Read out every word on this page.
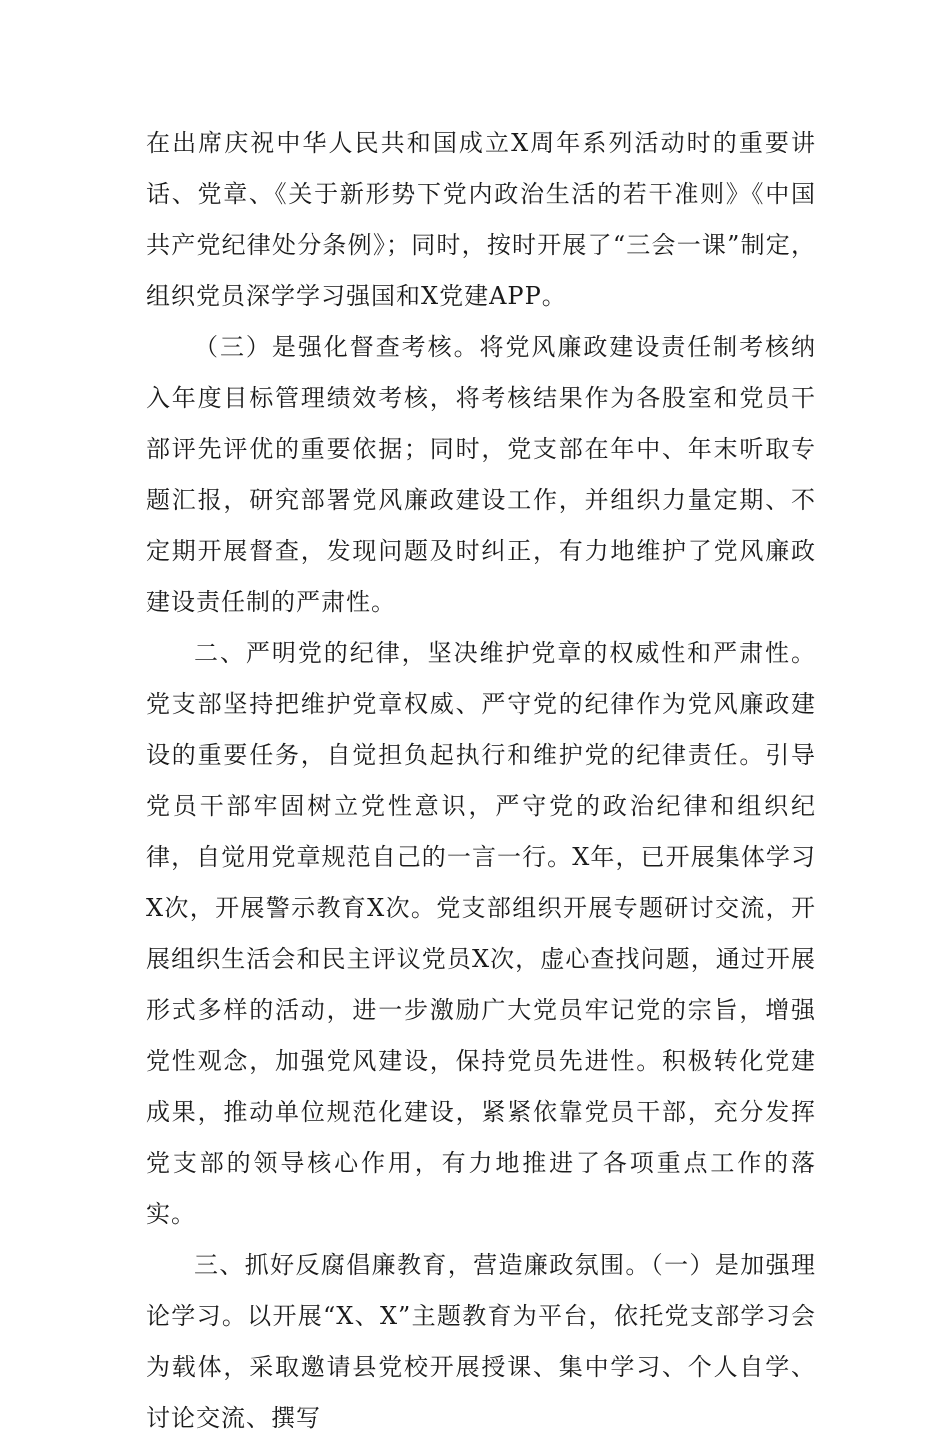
在出席庆祝中华人民共和国成立X周年系列活动时的重要讲话、党章、《关于新形势下党内政治生活的若干准则》《中国共产党纪律处分条例》；同时，按时开展了“三会一课”制定，组织党员深学学习强国和X党建APP。

（三）是强化督查考核。将党风廉政建设责任制考核纳入年度目标管理绩效考核，将考核结果作为各股室和党员干部评先评优的重要依据；同时，党支部在年中、年末听取专题汇报，研究部署党风廉政建设工作，并组织力量定期、不定期开展督查，发现问题及时纠正，有力地维护了党风廉政建设责任制的严肃性。

二、严明党的纪律，坚决维护党章的权威性和严肃性。党支部坚持把维护党章权威、严守党的纪律作为党风廉政建设的重要任务，自觉担负起执行和维护党的纪律责任。引导党员干部牢固树立党性意识，严守党的政治纪律和组织纪律，自觉用党章规范自己的一言一行。X年，已开展集体学习X次，开展警示教育X次。党支部组织开展专题研讨交流，开展组织生活会和民主评议党员X次，虚心查找问题，通过开展形式多样的活动，进一步激励广大党员牢记党的宗旨，增强党性观念，加强党风建设，保持党员先进性。积极转化党建成果，推动单位规范化建设，紧紧依靠党员干部，充分发挥党支部的领导核心作用，有力地推进了各项重点工作的落实。

三、抓好反腐倡廉教育，营造廉政氛围。（一）是加强理论学习。以开展“X、X”主题教育为平台，依托党支部学习会为载体，采取邀请县党校开展授课、集中学习、个人自学、讨论交流、撰写
